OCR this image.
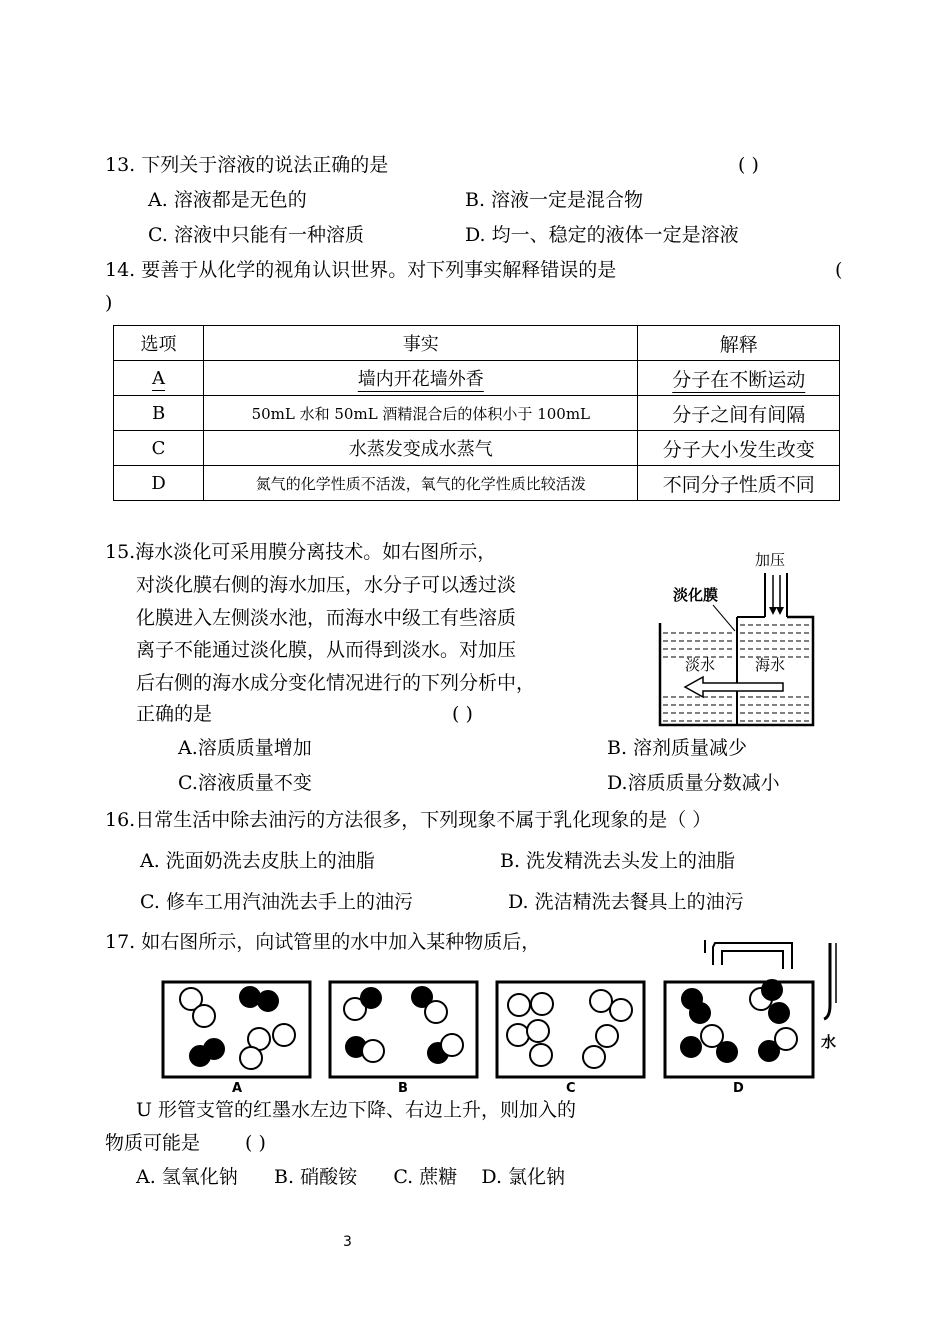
13. 下列关于溶液的说法正确的是	( )
A. 溶液都是无色的	B. 溶液一定是混合物
C. 溶液中只能有一种溶质	D. 均一、稳定的液体一定是溶液
14. 要善于从化学的视角认识世界。对下列事实解释错误的是	(
)
选项	事实	解释
A	墙内开花墙外香	分子在不断运动
B	50mL 水和 50mL 酒精混合后的体积小于 100mL	分子之间有间隔
C	水蒸发变成水蒸气	分子大小发生改变
D	氮气的化学性质不活泼，氧气的化学性质比较活泼	不同分子性质不同
15.海水淡化可采用膜分离技术。如右图所示，
对淡化膜右侧的海水加压，水分子可以透过淡
化膜进入左侧淡水池，而海水中级工有些溶质
离子不能通过淡化膜，从而得到淡水。对加压
后右侧的海水成分变化情况进行的下列分析中，
正确的是	( )
A.溶质质量增加	B. 溶剂质量减少
C.溶液质量不变	D.溶质质量分数减小
加压
淡化膜
淡水	海水
16.日常生活中除去油污的方法很多，下列现象不属于乳化现象的是（ ）
A. 洗面奶洗去皮肤上的油脂	B. 洗发精洗去头发上的油脂
C. 修车工用汽油洗去手上的油污	D. 洗洁精洗去餐具上的油污
17. 如右图所示，向试管里的水中加入某种物质后，
A	B	C	D
水
U 形管支管的红墨水左边下降、右边上升，则加入的
物质可能是 ( )
A. 氢氧化钠      B. 硝酸铵      C. 蔗糖    D. 氯化钠
3
